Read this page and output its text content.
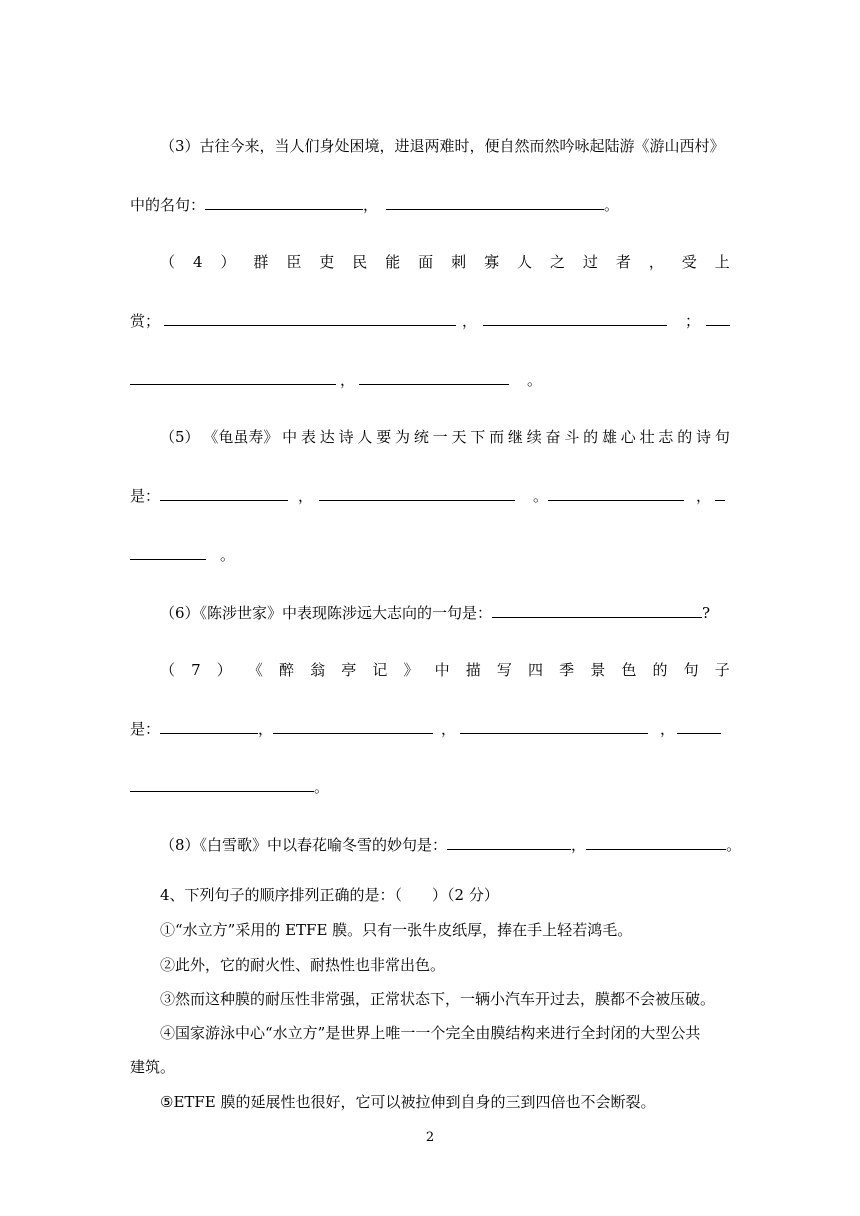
（3）古往今来，当人们身处困境，进退两难时，便自然而然吟咏起陆游《游山西村》
中的名句：	，	。
（ 4 ） 群 臣 吏 民 能 面 刺 寡 人 之 过 者 ， 受 上
赏；	，	；
，	。
（5） 《龟虽寿》 中 表 达 诗 人 要 为 统 一 天 下 而 继 续 奋 斗 的 雄 心 壮 志 的 诗 句
是：	，	。	，
。
（6）《陈涉世家》中表现陈涉远大志向的一句是：	?
（ 7 ） 《 醉 翁 亭 记 》 中 描 写 四 季 景 色 的 句 子
是：	，	，	，
。
（8）《白雪歌》中以春花喻冬雪的妙句是：	，	。
4、下列句子的顺序排列正确的是：（　　）（2 分）
①“水立方”采用的 ETFE 膜。只有一张牛皮纸厚，捧在手上轻若鸿毛。
②此外，它的耐火性、耐热性也非常出色。
③然而这种膜的耐压性非常强，正常状态下，一辆小汽车开过去，膜都不会被压破。
④国家游泳中心“水立方”是世界上唯一一个完全由膜结构来进行全封闭的大型公共
建筑。
⑤ETFE 膜的延展性也很好，它可以被拉伸到自身的三到四倍也不会断裂。
2
